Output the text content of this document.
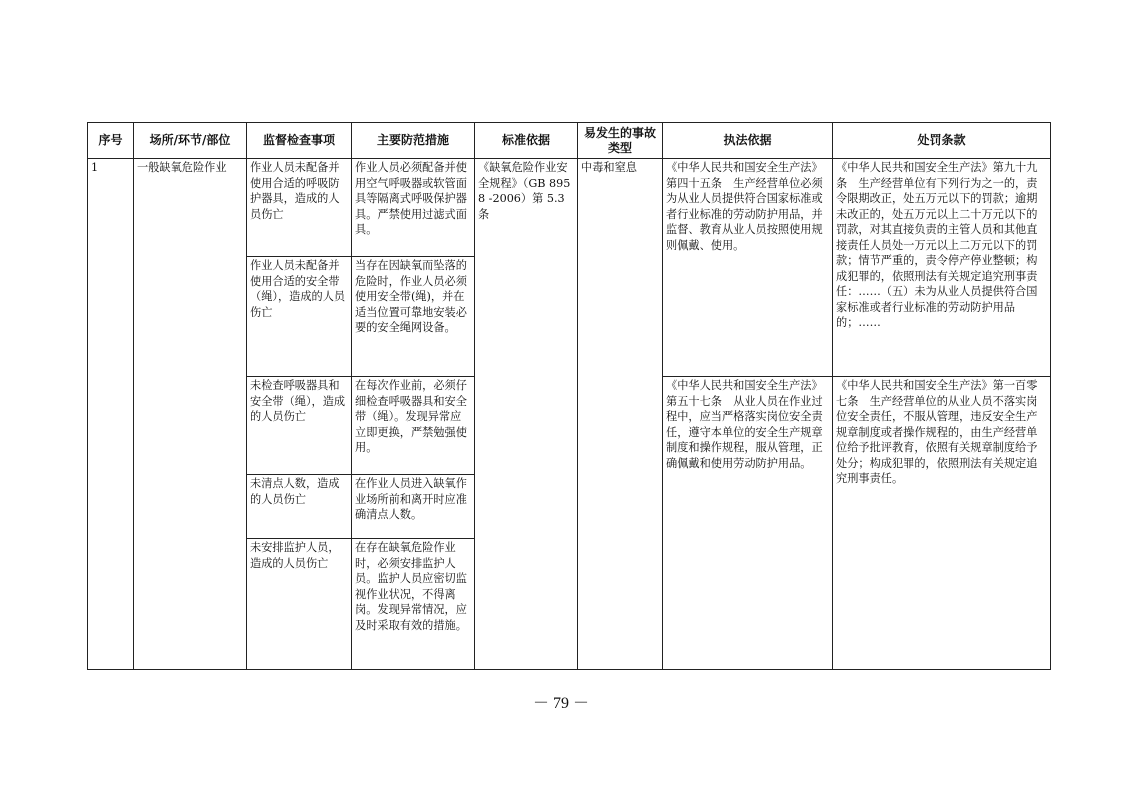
序号	场所/环节/部位	监督检查事项	主要防范措施	标准依据	易发生的事故类型	执法依据	处罚条款
1	一般缺氧危险作业	作业人员未配备并使用合适的呼吸防护器具，造成的人员伤亡	作业人员必须配备并使用空气呼吸器或软管面具等隔离式呼吸保护器具。严禁使用过滤式面具。	《缺氧危险作业安全规程》（GB 8958 -2006）第 5.3 条	中毒和窒息	《中华人民共和国安全生产法》第四十五条　生产经营单位必须为从业人员提供符合国家标准或者行业标准的劳动防护用品，并监督、教育从业人员按照使用规则佩戴、使用。	《中华人民共和国安全生产法》第九十九条　生产经营单位有下列行为之一的，责令限期改正，处五万元以下的罚款；逾期未改正的，处五万元以上二十万元以下的罚款，对其直接负责的主管人员和其他直接责任人员处一万元以上二万元以下的罚款；情节严重的，责令停产停业整顿；构成犯罪的，依照刑法有关规定追究刑事责任：……（五）未为从业人员提供符合国家标准或者行业标准的劳动防护用品的；……
		作业人员未配备并使用合适的安全带（绳），造成的人员伤亡	当存在因缺氧而坠落的危险时，作业人员必须使用安全带(绳)，并在适当位置可靠地安装必要的安全绳网设备。				
		未检查呼吸器具和安全带（绳），造成的人员伤亡	在每次作业前，必须仔细检查呼吸器具和安全带（绳）。发现异常应立即更换，严禁勉强使用。			《中华人民共和国安全生产法》第五十七条　从业人员在作业过程中，应当严格落实岗位安全责任，遵守本单位的安全生产规章制度和操作规程，服从管理，正确佩戴和使用劳动防护用品。	《中华人民共和国安全生产法》第一百零七条　生产经营单位的从业人员不落实岗位安全责任，不服从管理，违反安全生产规章制度或者操作规程的，由生产经营单位给予批评教育，依照有关规章制度给予处分；构成犯罪的，依照刑法有关规定追究刑事责任。
		未清点人数，造成的人员伤亡	在作业人员进入缺氧作业场所前和离开时应准确清点人数。				
		未安排监护人员，造成的人员伤亡	在存在缺氧危险作业时，必须安排监护人员。监护人员应密切监视作业状况，不得离岗。发现异常情况，应及时采取有效的措施。				
－ 79 －
